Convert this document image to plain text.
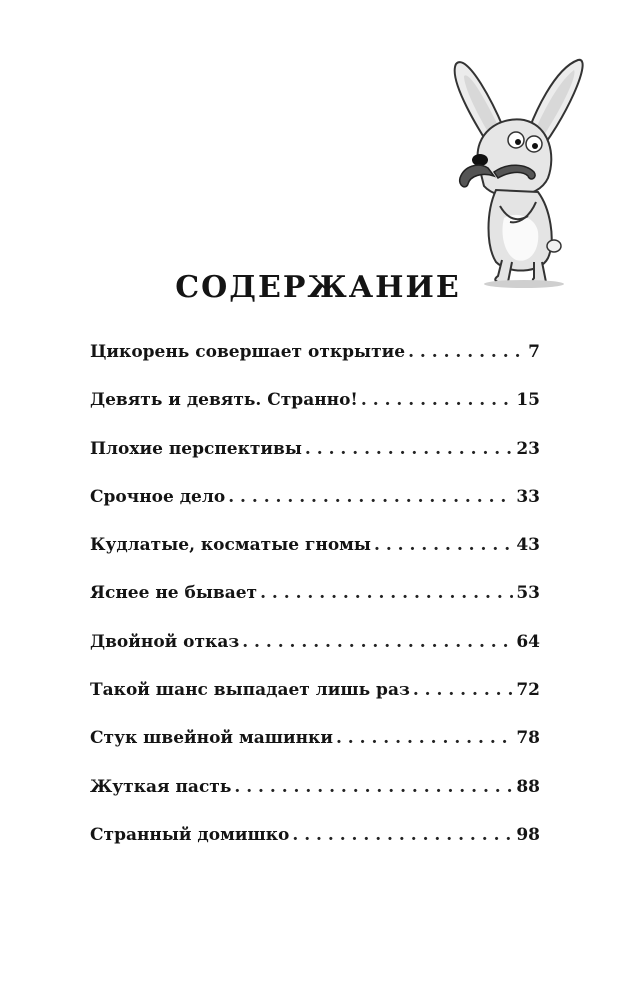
СОДЕРЖАНИЕ
Цикорень совершает открытие . . .	7
Девять и девять. Странно! . . .	15
Плохие перспективы . . .	23
Срочное дело . . .	33
Кудлатые, косматые гномы . . .	43
Яснее не бывает . . .	53
Двойной отказ . . .	64
Такой шанс выпадает лишь раз . . .	72
Стук швейной машинки . . .	78
Жуткая пасть . . .	88
Странный домишко . . .	98
